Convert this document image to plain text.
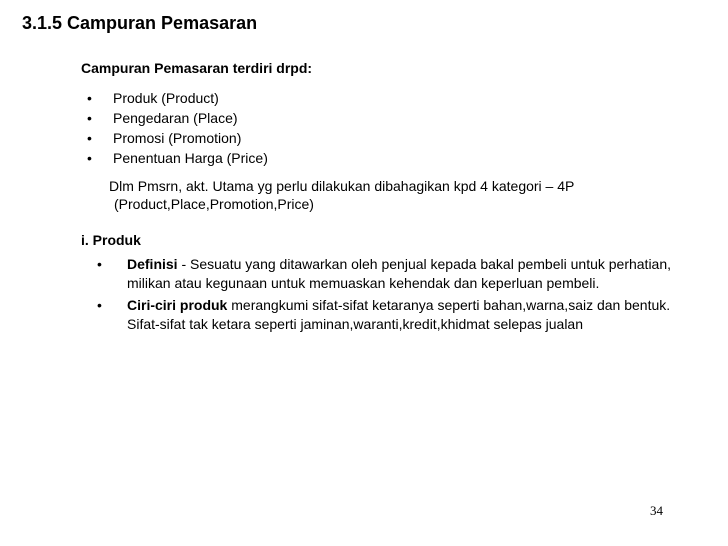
3.1.5 Campuran Pemasaran
Campuran Pemasaran terdiri drpd:
• Produk (Product)
• Pengedaran (Place)
• Promosi (Promotion)
• Penentuan Harga (Price)
Dlm Pmsrn, akt. Utama yg perlu dilakukan dibahagikan kpd 4 kategori – 4P
(Product,Place,Promotion,Price)
i. Produk
• Definisi - Sesuatu yang ditawarkan oleh penjual kepada bakal pembeli untuk perhatian, milikan atau kegunaan untuk memuaskan kehendak dan keperluan pembeli.
• Ciri-ciri produk merangkumi sifat-sifat ketaranya seperti bahan,warna,saiz dan bentuk. Sifat-sifat tak ketara seperti jaminan,waranti,kredit,khidmat selepas jualan
34
